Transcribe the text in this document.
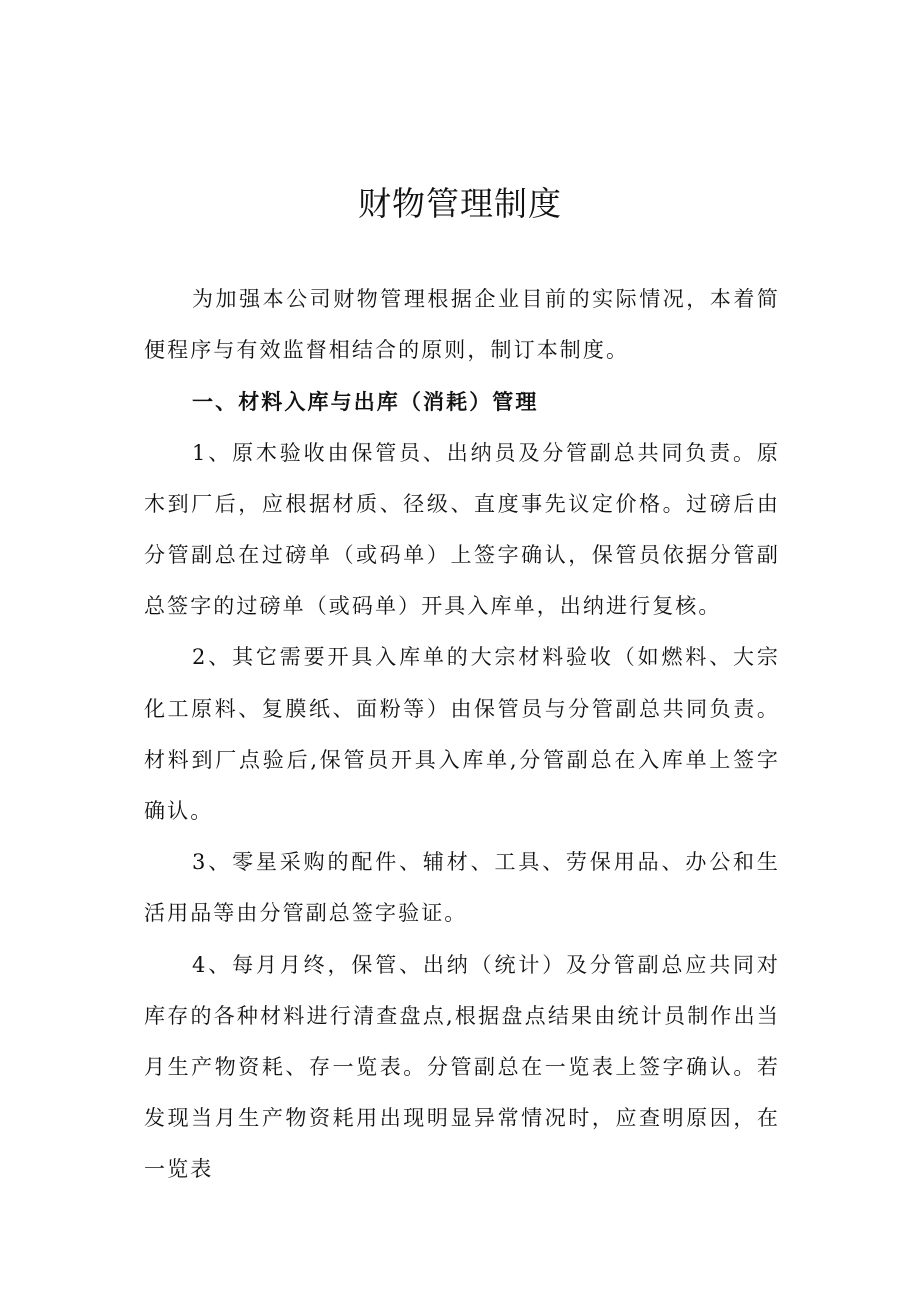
财物管理制度

为加强本公司财物管理根据企业目前的实际情况，本着简便程序与有效监督相结合的原则，制订本制度。

一、材料入库与出库（消耗）管理

1、原木验收由保管员、出纳员及分管副总共同负责。原木到厂后，应根据材质、径级、直度事先议定价格。过磅后由分管副总在过磅单（或码单）上签字确认，保管员依据分管副总签字的过磅单（或码单）开具入库单，出纳进行复核。

2、其它需要开具入库单的大宗材料验收（如燃料、大宗化工原料、复膜纸、面粉等）由保管员与分管副总共同负责。材料到厂点验后,保管员开具入库单,分管副总在入库单上签字确认。

3、零星采购的配件、辅材、工具、劳保用品、办公和生活用品等由分管副总签字验证。

4、每月月终，保管、出纳（统计）及分管副总应共同对库存的各种材料进行清查盘点,根据盘点结果由统计员制作出当月生产物资耗、存一览表。分管副总在一览表上签字确认。若发现当月生产物资耗用出现明显异常情况时，应查明原因，在一览表
